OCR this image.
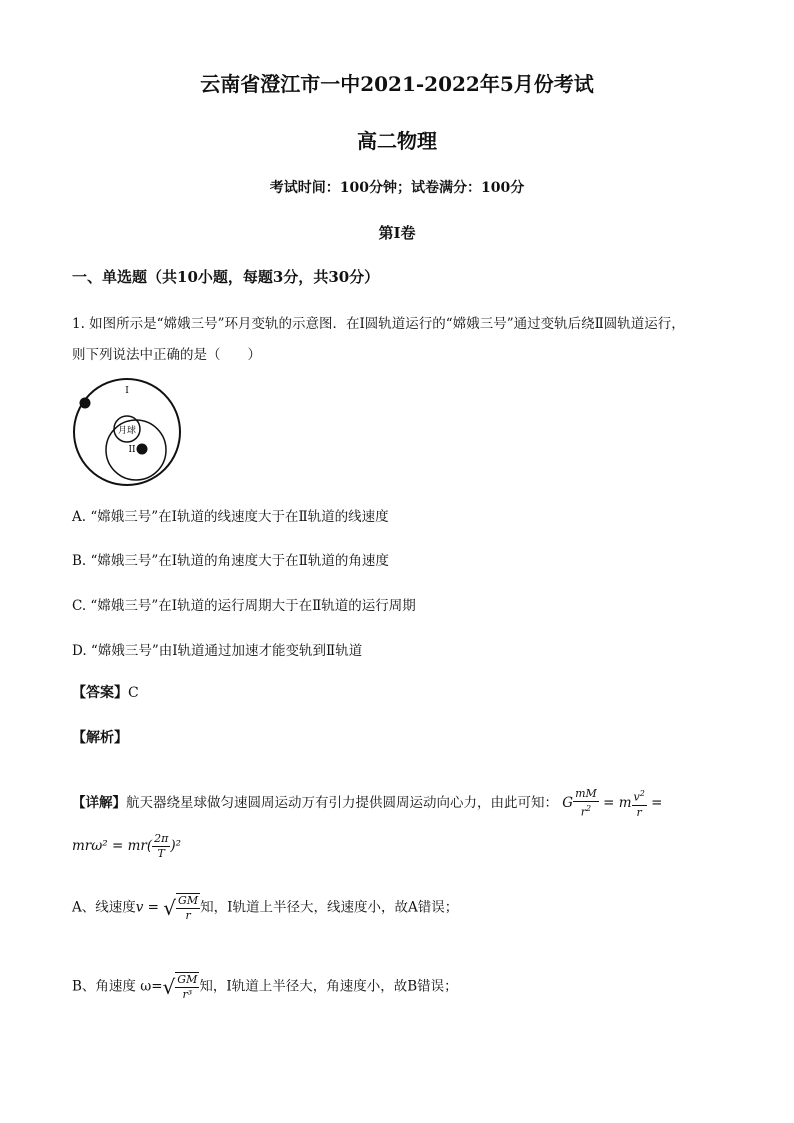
云南省澄江市一中2021-2022年5月份考试
高二物理
考试时间：100分钟；试卷满分：100分
第I卷
一、单选题（共10小题，每题3分，共30分）
1. 如图所示是“嫦娥三号”环月变轨的示意图．在Ⅰ圆轨道运行的“嫦娥三号”通过变轨后绕Ⅱ圆轨道运行，
则下列说法中正确的是（　　）
I
II
月球
A. “嫦娥三号”在Ⅰ轨道的线速度大于在Ⅱ轨道的线速度
B. “嫦娥三号”在Ⅰ轨道的角速度大于在Ⅱ轨道的角速度
C. “嫦娥三号”在Ⅰ轨道的运行周期大于在Ⅱ轨道的运行周期
D. “嫦娥三号”由Ⅰ轨道通过加速才能变轨到Ⅱ轨道
【答案】C
【解析】
【详解】航天器绕星球做匀速圆周运动万有引力提供圆周运动向心力，由此可知： G $\frac{mM}{r^2} = m \frac{v^2}{r}$ =
$mr\omega^2 = mr( \frac{2\pi}{T} )^2$
A、线速度v = √ $\frac{GM}{r}$ 知，I轨道上半径大，线速度小，故A错误；
B、角速度 $\omega=√ \frac{GM}{\text{r³}}$ 知，I轨道上半径大，角速度小，故B错误；
